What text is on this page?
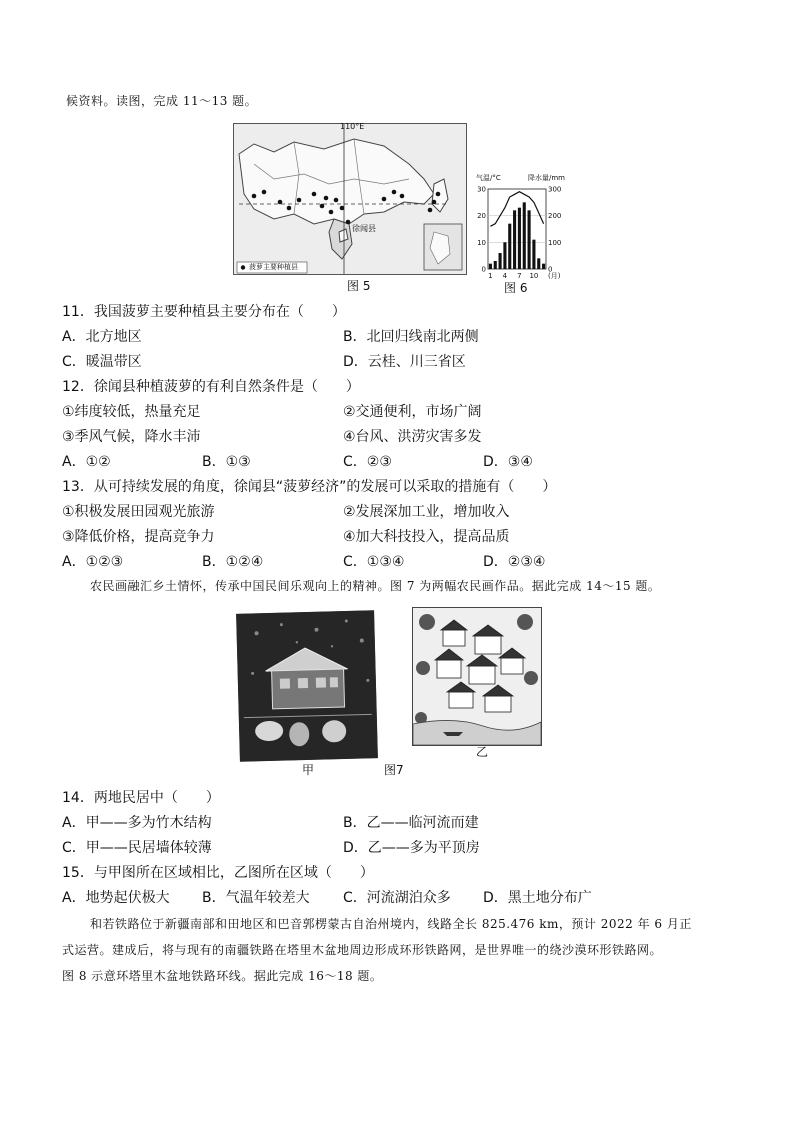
候资料。读图，完成 11～13 题。
110°E
徐闻县
菠萝主要种植县
图 5
30
20
10
0
300
200
100
0
1 4 7 10 (月)
气温/°C	降水量/mm
图 6
11．我国菠萝主要种植县主要分布在（　　）
A．北方地区	B．北回归线南北两侧
C．暖温带区	D．云桂、川三省区
12．徐闻县种植菠萝的有利自然条件是（　　）
①纬度较低，热量充足	②交通便利，市场广阔
③季风气候，降水丰沛	④台风、洪涝灾害多发
A．①②	B．①③	C．②③	D．③④
13．从可持续发展的角度，徐闻县“菠萝经济”的发展可以采取的措施有（　　）
①积极发展田园观光旅游	②发展深加工业，增加收入
③降低价格，提高竞争力	④加大科技投入，提高品质
A．①②③	B．①②④	C．①③④	D．②③④
农民画融汇乡土情怀，传承中国民间乐观向上的精神。图 7 为两幅农民画作品。据此完成 14～15 题。
甲	图7
乙
14．两地民居中（　　）
A．甲——多为竹木结构	B．乙——临河流而建
C．甲——民居墙体较薄	D．乙——多为平顶房
15．与甲图所在区域相比，乙图所在区域（　　）
A．地势起伏极大 B．气温年较差大 C．河流湖泊众多 D．黑土地分布广
和若铁路位于新疆南部和田地区和巴音郭楞蒙古自治州境内，线路全长 825.476 km，预计 2022 年 6 月正
式运营。建成后，将与现有的南疆铁路在塔里木盆地周边形成环形铁路网，是世界唯一的绕沙漠环形铁路网。
图 8 示意环塔里木盆地铁路环线。据此完成 16～18 题。
